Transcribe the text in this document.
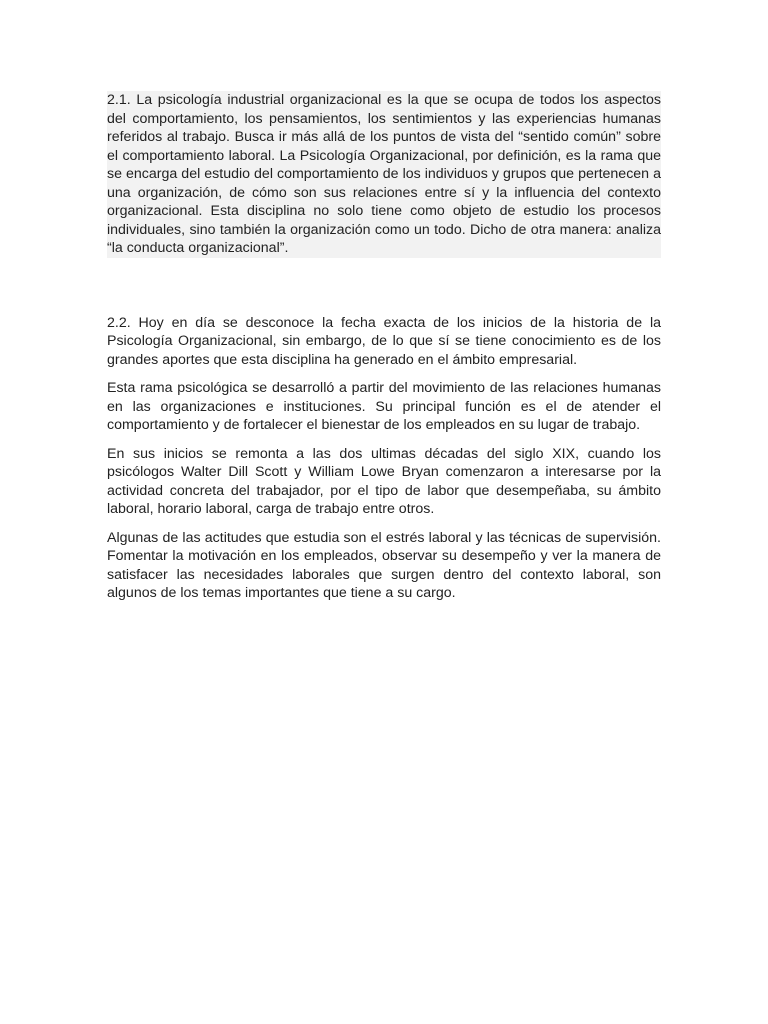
2.1. La psicología industrial organizacional es la que se ocupa de todos los aspectos del comportamiento, los pensamientos, los sentimientos y las experiencias humanas referidos al trabajo. Busca ir más allá de los puntos de vista del “sentido común” sobre el comportamiento laboral. La Psicología Organizacional, por definición, es la rama que se encarga del estudio del comportamiento de los individuos y grupos que pertenecen a una organización, de cómo son sus relaciones entre sí y la influencia del contexto organizacional. Esta disciplina no solo tiene como objeto de estudio los procesos individuales, sino también la organización como un todo. Dicho de otra manera: analiza “la conducta organizacional”.

2.2. Hoy en día se desconoce la fecha exacta de los inicios de la historia de la Psicología Organizacional, sin embargo, de lo que sí se tiene conocimiento es de los grandes aportes que esta disciplina ha generado en el ámbito empresarial.

Esta rama psicológica se desarrolló a partir del movimiento de las relaciones humanas en las organizaciones e instituciones. Su principal función es el de atender el comportamiento y de fortalecer el bienestar de los empleados en su lugar de trabajo.

En sus inicios se remonta a las dos ultimas décadas del siglo XIX, cuando los psicólogos Walter Dill Scott y William Lowe Bryan comenzaron a interesarse por la actividad concreta del trabajador, por el tipo de labor que desempeñaba, su ámbito laboral, horario laboral, carga de trabajo entre otros.

Algunas de las actitudes que estudia son el estrés laboral y las técnicas de supervisión. Fomentar la motivación en los empleados, observar su desempeño y ver la manera de satisfacer las necesidades laborales que surgen dentro del contexto laboral, son algunos de los temas importantes que tiene a su cargo.
